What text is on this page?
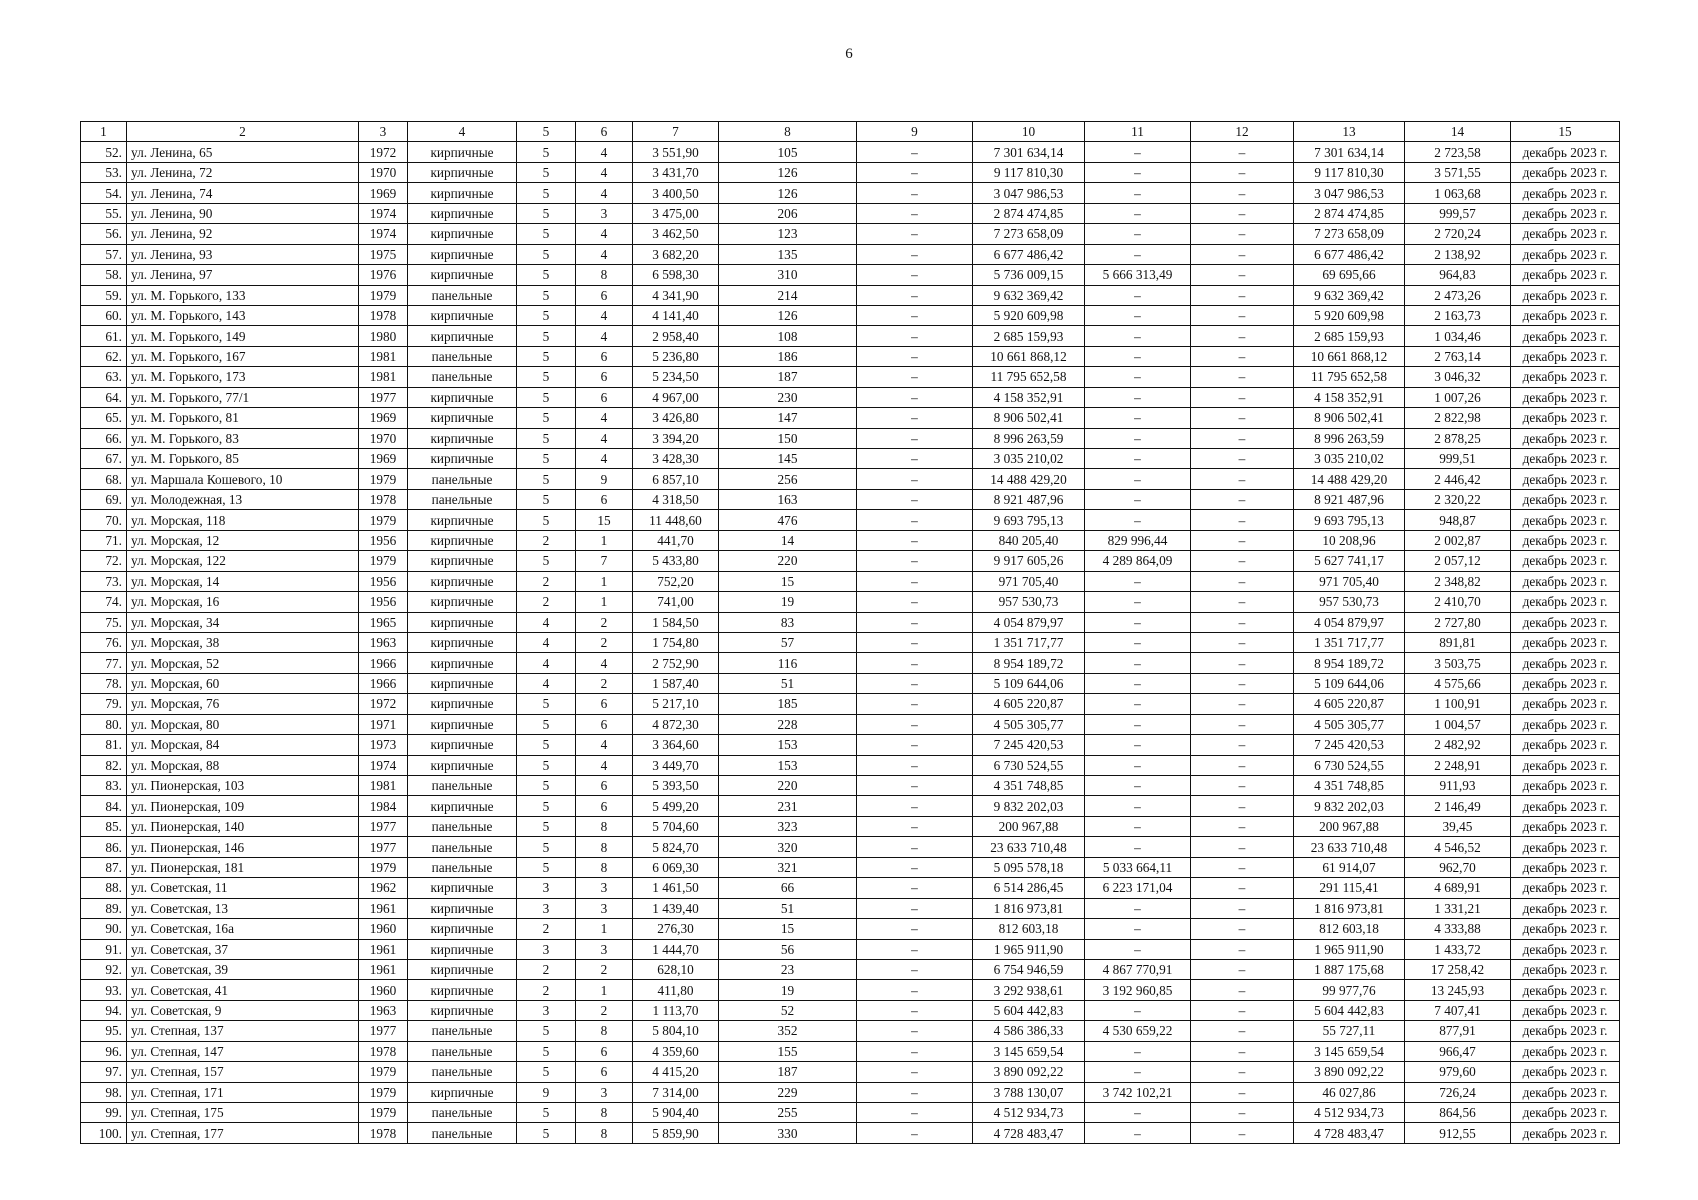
6
1	2	3	4	5	6	7	8	9	10	11	12	13	14	15
52.	ул. Ленина, 65	1972	кирпичные	5	4	3 551,90	105	–	7 301 634,14	–	–	7 301 634,14	2 723,58	декабрь 2023 г.
53.	ул. Ленина, 72	1970	кирпичные	5	4	3 431,70	126	–	9 117 810,30	–	–	9 117 810,30	3 571,55	декабрь 2023 г.
54.	ул. Ленина, 74	1969	кирпичные	5	4	3 400,50	126	–	3 047 986,53	–	–	3 047 986,53	1 063,68	декабрь 2023 г.
55.	ул. Ленина, 90	1974	кирпичные	5	3	3 475,00	206	–	2 874 474,85	–	–	2 874 474,85	999,57	декабрь 2023 г.
56.	ул. Ленина, 92	1974	кирпичные	5	4	3 462,50	123	–	7 273 658,09	–	–	7 273 658,09	2 720,24	декабрь 2023 г.
57.	ул. Ленина, 93	1975	кирпичные	5	4	3 682,20	135	–	6 677 486,42	–	–	6 677 486,42	2 138,92	декабрь 2023 г.
58.	ул. Ленина, 97	1976	кирпичные	5	8	6 598,30	310	–	5 736 009,15	5 666 313,49	–	69 695,66	964,83	декабрь 2023 г.
59.	ул. М. Горького, 133	1979	панельные	5	6	4 341,90	214	–	9 632 369,42	–	–	9 632 369,42	2 473,26	декабрь 2023 г.
60.	ул. М. Горького, 143	1978	кирпичные	5	4	4 141,40	126	–	5 920 609,98	–	–	5 920 609,98	2 163,73	декабрь 2023 г.
61.	ул. М. Горького, 149	1980	кирпичные	5	4	2 958,40	108	–	2 685 159,93	–	–	2 685 159,93	1 034,46	декабрь 2023 г.
62.	ул. М. Горького, 167	1981	панельные	5	6	5 236,80	186	–	10 661 868,12	–	–	10 661 868,12	2 763,14	декабрь 2023 г.
63.	ул. М. Горького, 173	1981	панельные	5	6	5 234,50	187	–	11 795 652,58	–	–	11 795 652,58	3 046,32	декабрь 2023 г.
64.	ул. М. Горького, 77/1	1977	кирпичные	5	6	4 967,00	230	–	4 158 352,91	–	–	4 158 352,91	1 007,26	декабрь 2023 г.
65.	ул. М. Горького, 81	1969	кирпичные	5	4	3 426,80	147	–	8 906 502,41	–	–	8 906 502,41	2 822,98	декабрь 2023 г.
66.	ул. М. Горького, 83	1970	кирпичные	5	4	3 394,20	150	–	8 996 263,59	–	–	8 996 263,59	2 878,25	декабрь 2023 г.
67.	ул. М. Горького, 85	1969	кирпичные	5	4	3 428,30	145	–	3 035 210,02	–	–	3 035 210,02	999,51	декабрь 2023 г.
68.	ул. Маршала Кошевого, 10	1979	панельные	5	9	6 857,10	256	–	14 488 429,20	–	–	14 488 429,20	2 446,42	декабрь 2023 г.
69.	ул. Молодежная, 13	1978	панельные	5	6	4 318,50	163	–	8 921 487,96	–	–	8 921 487,96	2 320,22	декабрь 2023 г.
70.	ул. Морская, 118	1979	кирпичные	5	15	11 448,60	476	–	9 693 795,13	–	–	9 693 795,13	948,87	декабрь 2023 г.
71.	ул. Морская, 12	1956	кирпичные	2	1	441,70	14	–	840 205,40	829 996,44	–	10 208,96	2 002,87	декабрь 2023 г.
72.	ул. Морская, 122	1979	кирпичные	5	7	5 433,80	220	–	9 917 605,26	4 289 864,09	–	5 627 741,17	2 057,12	декабрь 2023 г.
73.	ул. Морская, 14	1956	кирпичные	2	1	752,20	15	–	971 705,40	–	–	971 705,40	2 348,82	декабрь 2023 г.
74.	ул. Морская, 16	1956	кирпичные	2	1	741,00	19	–	957 530,73	–	–	957 530,73	2 410,70	декабрь 2023 г.
75.	ул. Морская, 34	1965	кирпичные	4	2	1 584,50	83	–	4 054 879,97	–	–	4 054 879,97	2 727,80	декабрь 2023 г.
76.	ул. Морская, 38	1963	кирпичные	4	2	1 754,80	57	–	1 351 717,77	–	–	1 351 717,77	891,81	декабрь 2023 г.
77.	ул. Морская, 52	1966	кирпичные	4	4	2 752,90	116	–	8 954 189,72	–	–	8 954 189,72	3 503,75	декабрь 2023 г.
78.	ул. Морская, 60	1966	кирпичные	4	2	1 587,40	51	–	5 109 644,06	–	–	5 109 644,06	4 575,66	декабрь 2023 г.
79.	ул. Морская, 76	1972	кирпичные	5	6	5 217,10	185	–	4 605 220,87	–	–	4 605 220,87	1 100,91	декабрь 2023 г.
80.	ул. Морская, 80	1971	кирпичные	5	6	4 872,30	228	–	4 505 305,77	–	–	4 505 305,77	1 004,57	декабрь 2023 г.
81.	ул. Морская, 84	1973	кирпичные	5	4	3 364,60	153	–	7 245 420,53	–	–	7 245 420,53	2 482,92	декабрь 2023 г.
82.	ул. Морская, 88	1974	кирпичные	5	4	3 449,70	153	–	6 730 524,55	–	–	6 730 524,55	2 248,91	декабрь 2023 г.
83.	ул. Пионерская, 103	1981	панельные	5	6	5 393,50	220	–	4 351 748,85	–	–	4 351 748,85	911,93	декабрь 2023 г.
84.	ул. Пионерская, 109	1984	кирпичные	5	6	5 499,20	231	–	9 832 202,03	–	–	9 832 202,03	2 146,49	декабрь 2023 г.
85.	ул. Пионерская, 140	1977	панельные	5	8	5 704,60	323	–	200 967,88	–	–	200 967,88	39,45	декабрь 2023 г.
86.	ул. Пионерская, 146	1977	панельные	5	8	5 824,70	320	–	23 633 710,48	–	–	23 633 710,48	4 546,52	декабрь 2023 г.
87.	ул. Пионерская, 181	1979	панельные	5	8	6 069,30	321	–	5 095 578,18	5 033 664,11	–	61 914,07	962,70	декабрь 2023 г.
88.	ул. Советская, 11	1962	кирпичные	3	3	1 461,50	66	–	6 514 286,45	6 223 171,04	–	291 115,41	4 689,91	декабрь 2023 г.
89.	ул. Советская, 13	1961	кирпичные	3	3	1 439,40	51	–	1 816 973,81	–	–	1 816 973,81	1 331,21	декабрь 2023 г.
90.	ул. Советская, 16а	1960	кирпичные	2	1	276,30	15	–	812 603,18	–	–	812 603,18	4 333,88	декабрь 2023 г.
91.	ул. Советская, 37	1961	кирпичные	3	3	1 444,70	56	–	1 965 911,90	–	–	1 965 911,90	1 433,72	декабрь 2023 г.
92.	ул. Советская, 39	1961	кирпичные	2	2	628,10	23	–	6 754 946,59	4 867 770,91	–	1 887 175,68	17 258,42	декабрь 2023 г.
93.	ул. Советская, 41	1960	кирпичные	2	1	411,80	19	–	3 292 938,61	3 192 960,85	–	99 977,76	13 245,93	декабрь 2023 г.
94.	ул. Советская, 9	1963	кирпичные	3	2	1 113,70	52	–	5 604 442,83	–	–	5 604 442,83	7 407,41	декабрь 2023 г.
95.	ул. Степная, 137	1977	панельные	5	8	5 804,10	352	–	4 586 386,33	4 530 659,22	–	55 727,11	877,91	декабрь 2023 г.
96.	ул. Степная, 147	1978	панельные	5	6	4 359,60	155	–	3 145 659,54	–	–	3 145 659,54	966,47	декабрь 2023 г.
97.	ул. Степная, 157	1979	панельные	5	6	4 415,20	187	–	3 890 092,22	–	–	3 890 092,22	979,60	декабрь 2023 г.
98.	ул. Степная, 171	1979	кирпичные	9	3	7 314,00	229	–	3 788 130,07	3 742 102,21	–	46 027,86	726,24	декабрь 2023 г.
99.	ул. Степная, 175	1979	панельные	5	8	5 904,40	255	–	4 512 934,73	–	–	4 512 934,73	864,56	декабрь 2023 г.
100.	ул. Степная, 177	1978	панельные	5	8	5 859,90	330	–	4 728 483,47	–	–	4 728 483,47	912,55	декабрь 2023 г.
